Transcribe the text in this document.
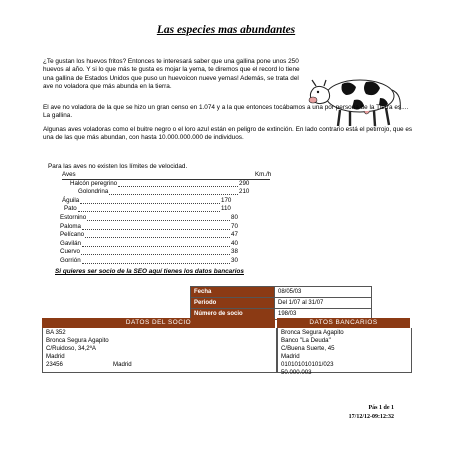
Las especies mas abundantes
¿Te gustan los huevos fritos? Entonces te interesará saber que una gallina pone unos 250 huevos al año. Y si lo que más te gusta es mojar la yema, te diremos que el record lo tiene una gallina de Estados Unidos que puso un huevoicon nueve yemas! Además, se trata del ave no voladora que más abunda en la tierra.
El ave no voladora de la que se hizo un gran censo en 1.074 y a la que entonces tocábamos a una por persona de la Tierra es.... La gallina.
Algunas aves voladoras como el buitre negro o el loro azul están en peligro de extinción. En lado contrario está el petirrojo, que es una de las que más abundan, con hasta 10.000.000.000 de individuos.
Para las aves no existen los límites de velocidad.
Aves	Km./h
Halcón peregrino	290
Golondrina	210
Águila	170
Pato	110
Estornino	80
Paloma	70
Pelícano	47
Gavilán	40
Cuervo	38
Gorrión	30
Si quieres ser socio de la SEO aquí tienes los datos bancarios
Fecha	08/05/03
Periodo	Del 1/07 al 31/07
Número de socio	198/03
DATOS DEL SOCIO	DATOS BANCARIOS
BA 352
Bronca Segura Agapito
C/Ruidoso, 34,2ºA
Madrid
23456	Madrid
Bronca Segura Agapito
Banco "La Deuda"
C/Buena Suerte, 45
Madrid
010101010101/023
50.000.003
Pás 1 de 1
17/12/12-09:12:32
